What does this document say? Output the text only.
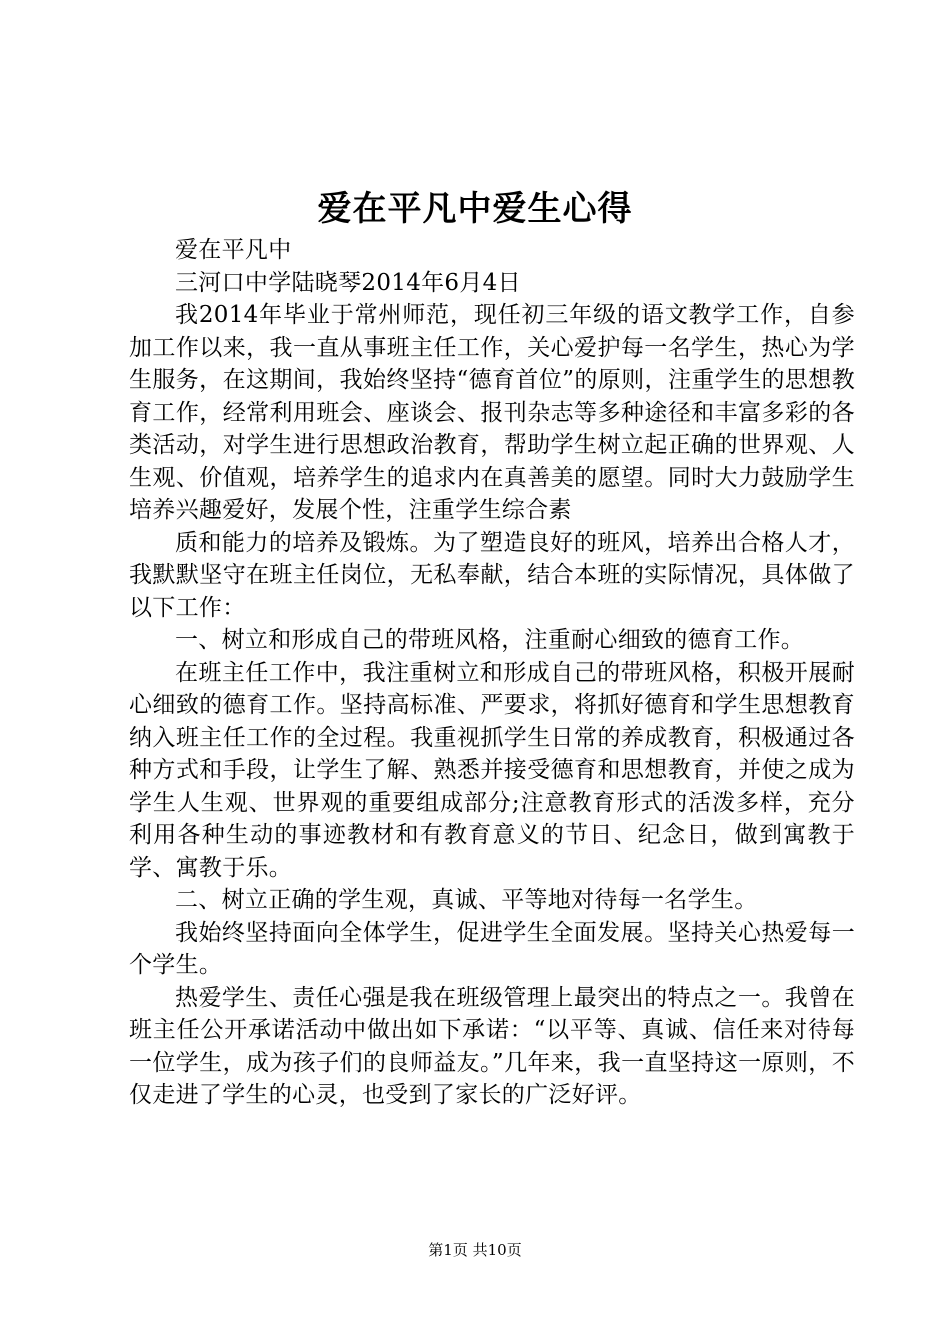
爱在平凡中爱生心得

爱在平凡中

三河口中学陆晓琴2014年6月4日

我2014年毕业于常州师范，现任初三年级的语文教学工作，自参加工作以来，我一直从事班主任工作，关心爱护每一名学生，热心为学生服务，在这期间，我始终坚持“德育首位”的原则，注重学生的思想教育工作，经常利用班会、座谈会、报刊杂志等多种途径和丰富多彩的各类活动，对学生进行思想政治教育，帮助学生树立起正确的世界观、人生观、价值观，培养学生的追求内在真善美的愿望。同时大力鼓励学生培养兴趣爱好，发展个性，注重学生综合素

质和能力的培养及锻炼。为了塑造良好的班风，培养出合格人才，我默默坚守在班主任岗位，无私奉献，结合本班的实际情况，具体做了以下工作：

一、树立和形成自己的带班风格，注重耐心细致的德育工作。

在班主任工作中，我注重树立和形成自己的带班风格，积极开展耐心细致的德育工作。坚持高标准、严要求，将抓好德育和学生思想教育纳入班主任工作的全过程。我重视抓学生日常的养成教育，积极通过各种方式和手段，让学生了解、熟悉并接受德育和思想教育，并使之成为学生人生观、世界观的重要组成部分;注意教育形式的活泼多样，充分利用各种生动的事迹教材和有教育意义的节日、纪念日，做到寓教于学、寓教于乐。

二、树立正确的学生观，真诚、平等地对待每一名学生。

我始终坚持面向全体学生，促进学生全面发展。坚持关心热爱每一个学生。

热爱学生、责任心强是我在班级管理上最突出的特点之一。我曾在班主任公开承诺活动中做出如下承诺：“以平等、真诚、信任来对待每一位学生，成为孩子们的良师益友。”几年来，我一直坚持这一原则，不仅走进了学生的心灵，也受到了家长的广泛好评。

第1页 共10页
